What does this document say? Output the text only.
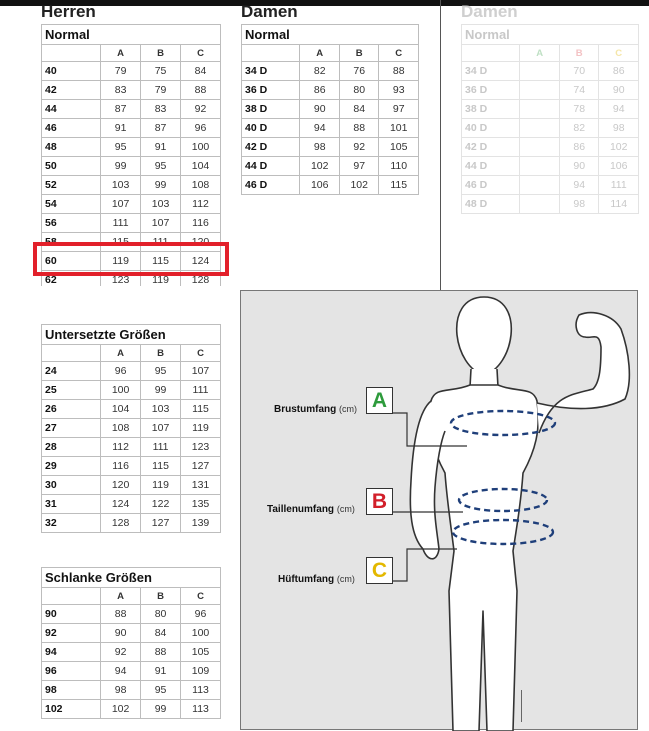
Herren	Damen	Damen
Normal			
	A	B	C
40	79	75	84
42	83	79	88
44	87	83	92
46	91	87	96
48	95	91	100
50	99	95	104
52	103	99	108
54	107	103	112
56	111	107	116
58	115	111	120
60	119	115	124
62	123	119	128
Normal			
	A	B	C
34 D	82	76	88
36 D	86	80	93
38 D	90	84	97
40 D	94	88	101
42 D	98	92	105
44 D	102	97	110
46 D	106	102	115
Normal			
	A	B	C
34 D		70	86
36 D		74	90
38 D		78	94
40 D		82	98
42 D		86	102
44 D		90	106
46 D		94	111
48 D		98	114
Untersetzte Größen			
	A	B	C
24	96	95	107
25	100	99	111
26	104	103	115
27	108	107	119
28	112	111	123
29	116	115	127
30	120	119	131
31	124	122	135
32	128	127	139
Schlanke Größen			
	A	B	C
90	88	80	96
92	90	84	100
94	92	88	105
96	94	91	109
98	98	95	113
102	102	99	113
Brustumfang (cm) A
Taillenumfang (cm) B
Hüftumfang (cm) C
